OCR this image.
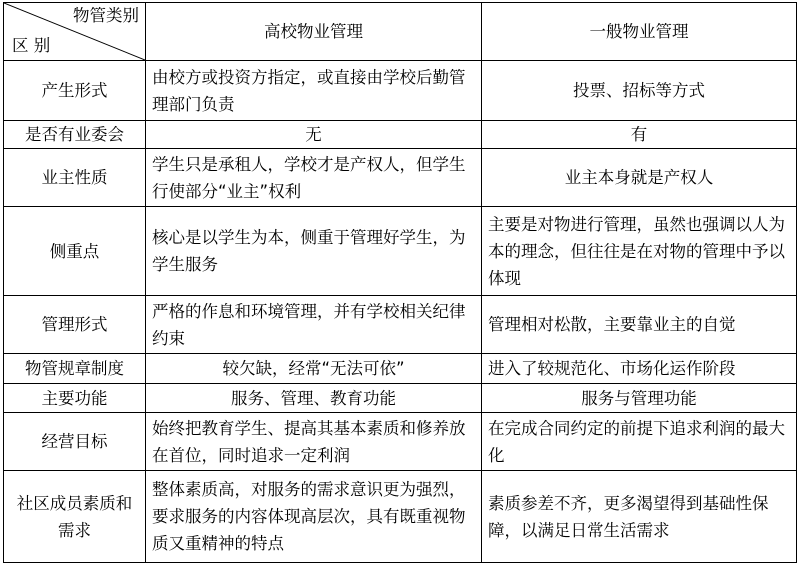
物管类别
区 别	高校物业管理	一般物业管理
产生形式	由校方或投资方指定，或直接由学校后勤管理部门负责	投票、招标等方式
是否有业委会	无	有
业主性质	学生只是承租人，学校才是产权人，但学生行使部分“业主”权利	业主本身就是产权人
侧重点	核心是以学生为本，侧重于管理好学生，为学生服务	主要是对物进行管理，虽然也强调以人为本的理念，但往往是在对物的管理中予以体现
管理形式	严格的作息和环境管理，并有学校相关纪律约束	管理相对松散，主要靠业主的自觉
物管规章制度	较欠缺，经常“无法可依”	进入了较规范化、市场化运作阶段
主要功能	服务、管理、教育功能	服务与管理功能
经营目标	始终把教育学生、提高其基本素质和修养放在首位，同时追求一定利润	在完成合同约定的前提下追求利润的最大化
社区成员素质和需求	整体素质高，对服务的需求意识更为强烈，要求服务的内容体现高层次，具有既重视物质又重精神的特点	素质参差不齐，更多渴望得到基础性保障，以满足日常生活需求
